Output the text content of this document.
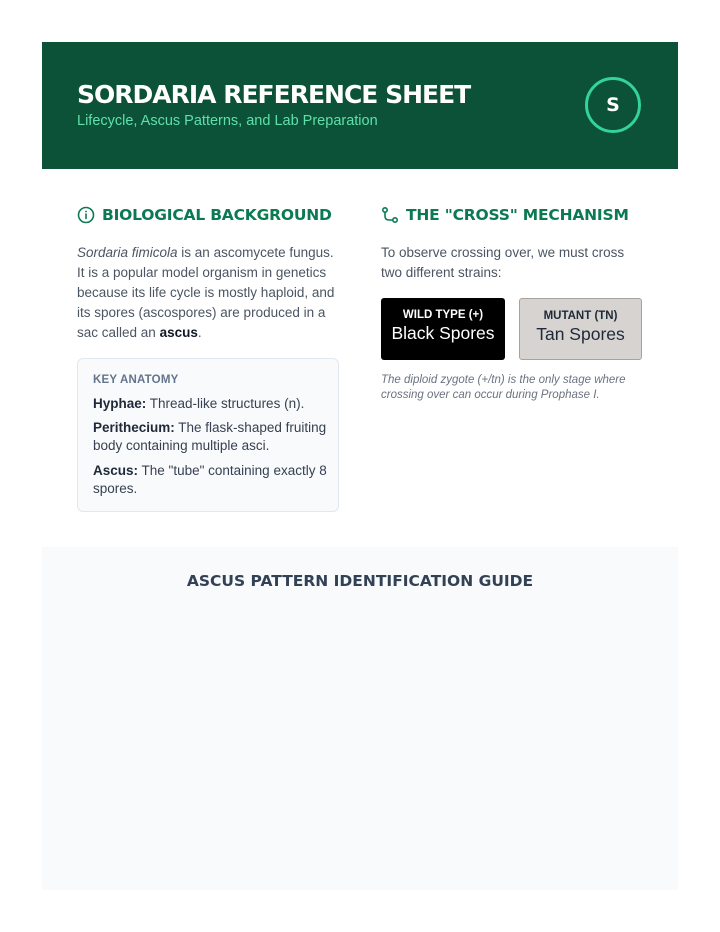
SORDARIA REFERENCE SHEET
Lifecycle, Ascus Patterns, and Lab Preparation
S
BIOLOGICAL BACKGROUND
Sordaria fimicola is an ascomycete fungus. It is a popular model organism in genetics because its life cycle is mostly haploid, and its spores (ascospores) are produced in a sac called an ascus.
KEY ANATOMY
Hyphae: Thread-like structures (n).
Perithecium: The flask-shaped fruiting body containing multiple asci.
Ascus: The "tube" containing exactly 8 spores.
THE "CROSS" MECHANISM
To observe crossing over, we must cross two different strains:
WILD TYPE (+)
Black Spores
MUTANT (TN)
Tan Spores
The diploid zygote (+/tn) is the only stage where crossing over can occur during Prophase I.
ASCUS PATTERN IDENTIFICATION GUIDE
